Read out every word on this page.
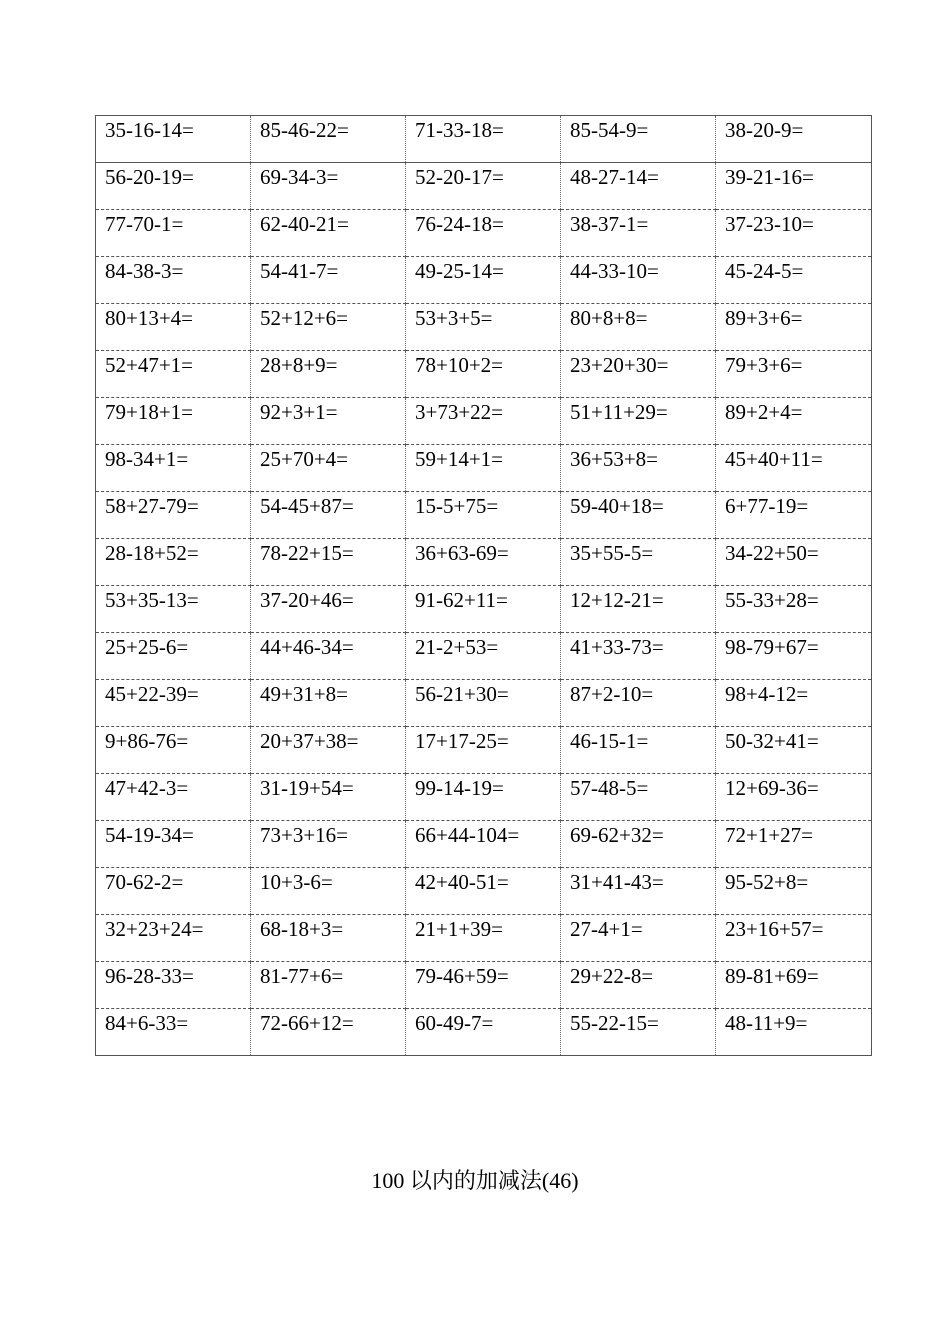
35-16-14=	85-46-22=	71-33-18=	85-54-9=	38-20-9=
56-20-19=	69-34-3=	52-20-17=	48-27-14=	39-21-16=
77-70-1=	62-40-21=	76-24-18=	38-37-1=	37-23-10=
84-38-3=	54-41-7=	49-25-14=	44-33-10=	45-24-5=
80+13+4=	52+12+6=	53+3+5=	80+8+8=	89+3+6=
52+47+1=	28+8+9=	78+10+2=	23+20+30=	79+3+6=
79+18+1=	92+3+1=	3+73+22=	51+11+29=	89+2+4=
98-34+1=	25+70+4=	59+14+1=	36+53+8=	45+40+11=
58+27-79=	54-45+87=	15-5+75=	59-40+18=	6+77-19=
28-18+52=	78-22+15=	36+63-69=	35+55-5=	34-22+50=
53+35-13=	37-20+46=	91-62+11=	12+12-21=	55-33+28=
25+25-6=	44+46-34=	21-2+53=	41+33-73=	98-79+67=
45+22-39=	49+31+8=	56-21+30=	87+2-10=	98+4-12=
9+86-76=	20+37+38=	17+17-25=	46-15-1=	50-32+41=
47+42-3=	31-19+54=	99-14-19=	57-48-5=	12+69-36=
54-19-34=	73+3+16=	66+44-104=	69-62+32=	72+1+27=
70-62-2=	10+3-6=	42+40-51=	31+41-43=	95-52+8=
32+23+24=	68-18+3=	21+1+39=	27-4+1=	23+16+57=
96-28-33=	81-77+6=	79-46+59=	29+22-8=	89-81+69=
84+6-33=	72-66+12=	60-49-7=	55-22-15=	48-11+9=
100 以内的加减法(46)
